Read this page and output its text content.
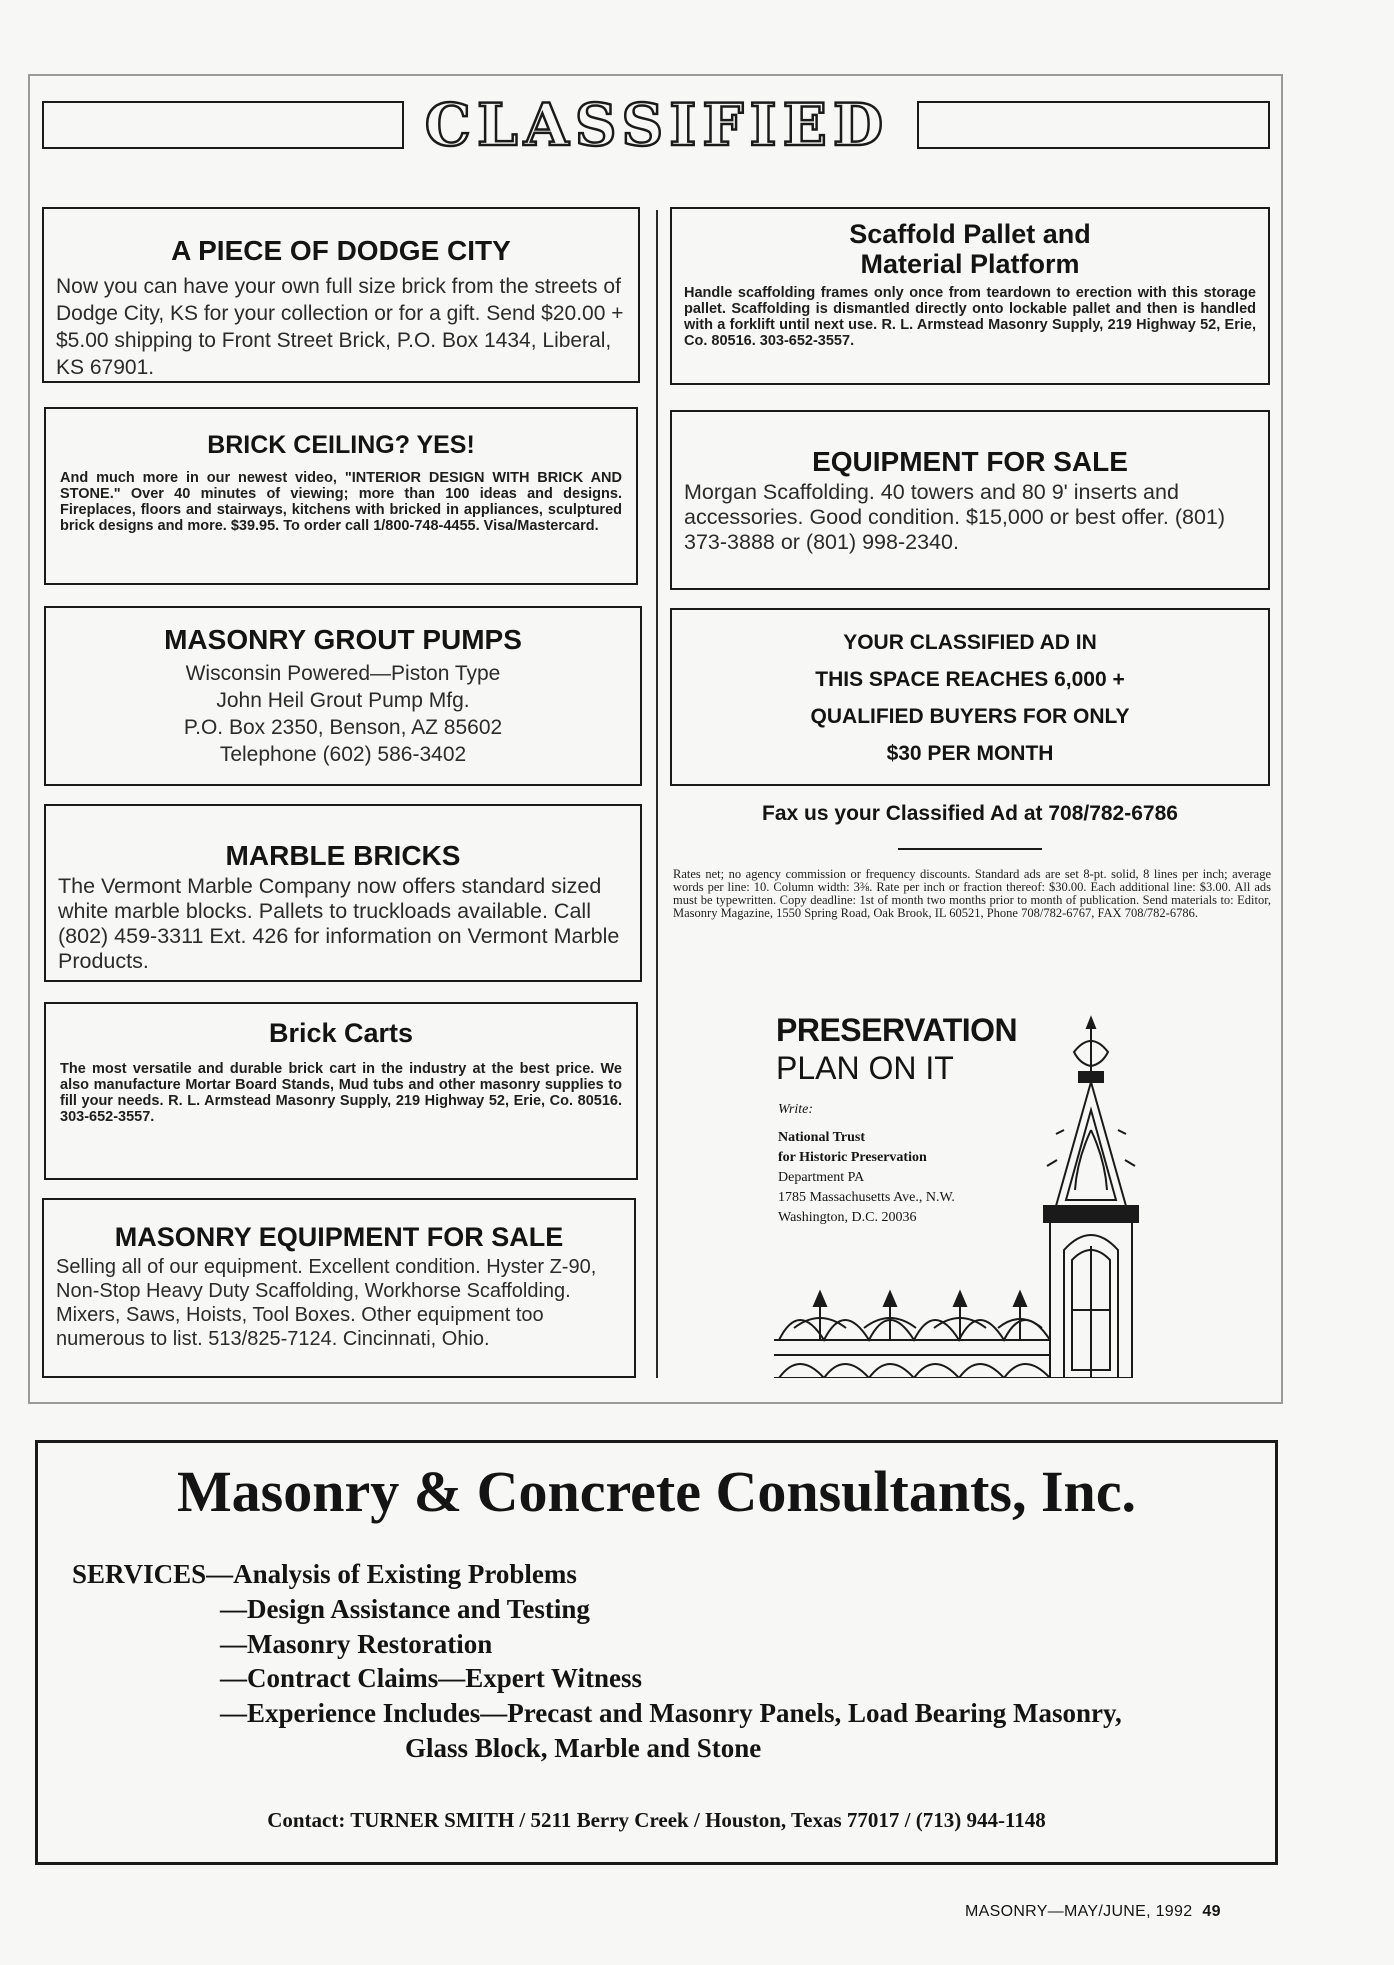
CLASSIFIED
A PIECE OF DODGE CITY

Now you can have your own full size brick from the streets of Dodge City, KS for your collection or for a gift. Send $20.00 + $5.00 shipping to Front Street Brick, P.O. Box 1434, Liberal, KS 67901.

BRICK CEILING? YES!

And much more in our newest video, "INTERIOR DESIGN WITH BRICK AND STONE." Over 40 minutes of viewing; more than 100 ideas and designs. Fireplaces, floors and stairways, kitchens with bricked in appliances, sculptured brick designs and more. $39.95. To order call 1/800-748-4455. Visa/Mastercard.

MASONRY GROUT PUMPS

Wisconsin Powered—Piston Type

John Heil Grout Pump Mfg.

P.O. Box 2350, Benson, AZ 85602

Telephone (602) 586-3402

MARBLE BRICKS

The Vermont Marble Company now offers standard sized white marble blocks. Pallets to truckloads available. Call (802) 459-3311 Ext. 426 for information on Vermont Marble Products.

Brick Carts

The most versatile and durable brick cart in the industry at the best price. We also manufacture Mortar Board Stands, Mud tubs and other masonry supplies to fill your needs. R. L. Armstead Masonry Supply, 219 Highway 52, Erie, Co. 80516. 303-652-3557.

MASONRY EQUIPMENT FOR SALE

Selling all of our equipment. Excellent condition. Hyster Z-90, Non-Stop Heavy Duty Scaffolding, Workhorse Scaffolding. Mixers, Saws, Hoists, Tool Boxes. Other equipment too numerous to list. 513/825-7124. Cincinnati, Ohio.

Scaffold Pallet and
Material Platform

Handle scaffolding frames only once from teardown to erection with this storage pallet. Scaffolding is dismantled directly onto lockable pallet and then is handled with a forklift until next use. R. L. Armstead Masonry Supply, 219 Highway 52, Erie, Co. 80516. 303-652-3557.

EQUIPMENT FOR SALE

Morgan Scaffolding. 40 towers and 80 9' inserts and accessories. Good condition. $15,000 or best offer. (801) 373-3888 or (801) 998-2340.

YOUR CLASSIFIED AD IN

THIS SPACE REACHES 6,000 +

QUALIFIED BUYERS FOR ONLY

$30 PER MONTH

Fax us your Classified Ad at 708/782-6786
Rates net; no agency commission or frequency discounts. Standard ads are set 8-pt. solid, 8 lines per inch; average words per line: 10. Column width: 3⅜. Rate per inch or fraction thereof: $30.00. Each additional line: $3.00. All ads must be typewritten. Copy deadline: 1st of month two months prior to month of publication. Send materials to: Editor, Masonry Magazine, 1550 Spring Road, Oak Brook, IL 60521, Phone 708/782-6767, FAX 708/782-6786.
PRESERVATION
PLAN ON IT
Write:
National Trust
for Historic Preservation
Department PA
1785 Massachusetts Ave., N.W.
Washington, D.C. 20036
Masonry & Concrete Consultants, Inc.
SERVICES—Analysis of Existing Problems
—Design Assistance and Testing
—Masonry Restoration
—Contract Claims—Expert Witness
—Experience Includes—Precast and Masonry Panels, Load Bearing Masonry,
Glass Block, Marble and Stone
Contact: TURNER SMITH / 5211 Berry Creek / Houston, Texas 77017 / (713) 944-1148
MASONRY—MAY/JUNE, 1992 49
